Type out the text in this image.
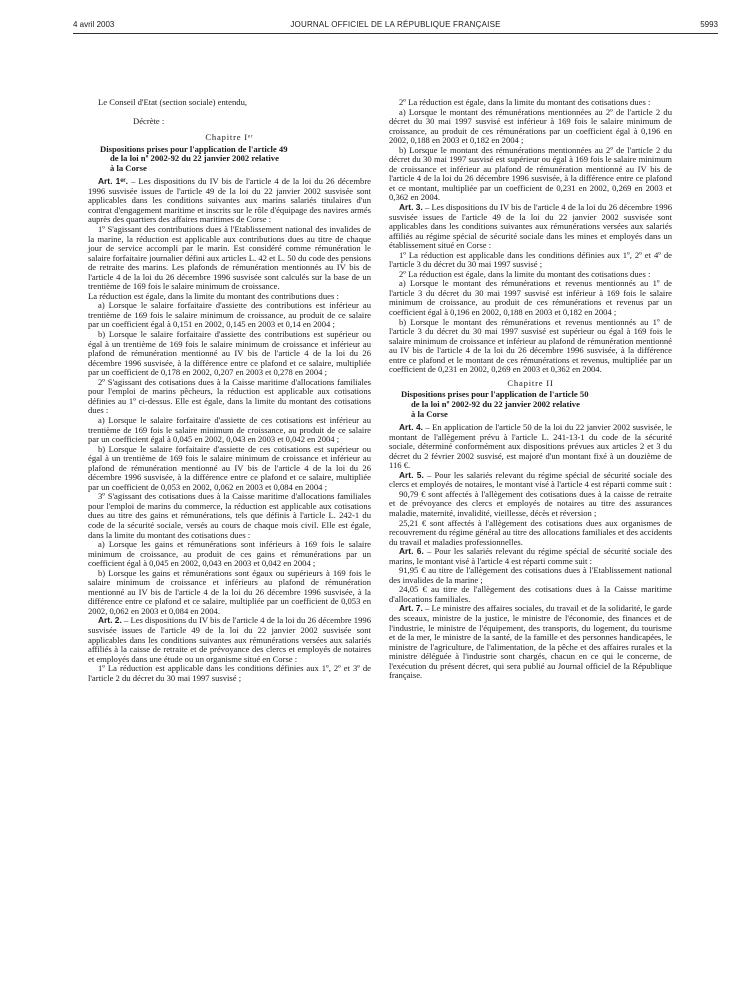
4 avril 2003	JOURNAL OFFICIEL DE LA RÉPUBLIQUE FRANÇAISE	5993

Le Conseil d'Etat (section sociale) entendu,

Décrète :

Chapitre Iᵉʳ

Dispositions prises pour l'application de l'article 49
de la loi nº 2002-92 du 22 janvier 2002 relative
à la Corse

Art. 1ᵉʳ. – Les dispositions du IV bis de l'article 4 de la loi du 26 décembre 1996 susvisée issues de l'article 49 de la loi du 22 janvier 2002 susvisée sont applicables dans les conditions suivantes aux marins salariés titulaires d'un contrat d'engagement maritime et inscrits sur le rôle d'équipage des navires armés auprès des quartiers des affaires maritimes de Corse :

1º S'agissant des contributions dues à l'Etablissement national des invalides de la marine, la réduction est applicable aux contributions dues au titre de chaque jour de service accompli par le marin. Est considéré comme rémunération le salaire forfaitaire journalier défini aux articles L. 42 et L. 50 du code des pensions de retraite des marins. Les plafonds de rémunération mentionnés au IV bis de l'article 4 de la loi du 26 décembre 1996 susvisée sont calculés sur la base de un trentième de 169 fois le salaire minimum de croissance.

La réduction est égale, dans la limite du montant des contributions dues :

a) Lorsque le salaire forfaitaire d'assiette des contributions est inférieur au trentième de 169 fois le salaire minimum de croissance, au produit de ce salaire par un coefficient égal à 0,151 en 2002, 0,145 en 2003 et 0,14 en 2004 ;

b) Lorsque le salaire forfaitaire d'assiette des contributions est supérieur ou égal à un trentième de 169 fois le salaire minimum de croissance et inférieur au plafond de rémunération mentionné au IV bis de l'article 4 de la loi du 26 décembre 1996 susvisée, à la différence entre ce plafond et ce salaire, multipliée par un coefficient de 0,178 en 2002, 0,207 en 2003 et 0,278 en 2004 ;

2º S'agissant des cotisations dues à la Caisse maritime d'allocations familiales pour l'emploi de marins pêcheurs, la réduction est applicable aux cotisations définies au 1º ci-dessus. Elle est égale, dans la limite du montant des cotisations dues :

a) Lorsque le salaire forfaitaire d'assiette de ces cotisations est inférieur au trentième de 169 fois le salaire minimum de croissance, au produit de ce salaire par un coefficient égal à 0,045 en 2002, 0,043 en 2003 et 0,042 en 2004 ;

b) Lorsque le salaire forfaitaire d'assiette de ces cotisations est supérieur ou égal à un trentième de 169 fois le salaire minimum de croissance et inférieur au plafond de rémunération mentionné au IV bis de l'article 4 de la loi du 26 décembre 1996 susvisée, à la différence entre ce plafond et ce salaire, multipliée par un coefficient de 0,053 en 2002, 0,062 en 2003 et 0,084 en 2004 ;

3º S'agissant des cotisations dues à la Caisse maritime d'allocations familiales pour l'emploi de marins du commerce, la réduction est applicable aux cotisations dues au titre des gains et rémunérations, tels que définis à l'article L. 242-1 du code de la sécurité sociale, versés au cours de chaque mois civil. Elle est égale, dans la limite du montant des cotisations dues :

a) Lorsque les gains et rémunérations sont inférieurs à 169 fois le salaire minimum de croissance, au produit de ces gains et rémunérations par un coefficient égal à 0,045 en 2002, 0,043 en 2003 et 0,042 en 2004 ;

b) Lorsque les gains et rémunérations sont égaux ou supérieurs à 169 fois le salaire minimum de croissance et inférieurs au plafond de rémunération mentionné au IV bis de l'article 4 de la loi du 26 décembre 1996 susvisée, à la différence entre ce plafond et ce salaire, multipliée par un coefficient de 0,053 en 2002, 0,062 en 2003 et 0,084 en 2004.

Art. 2. – Les dispositions du IV bis de l'article 4 de la loi du 26 décembre 1996 susvisée issues de l'article 49 de la loi du 22 janvier 2002 susvisée sont applicables dans les conditions suivantes aux rémunérations versées aux salariés affiliés à la caisse de retraite et de prévoyance des clercs et employés de notaires et employés dans une étude ou un organisme situé en Corse :

1º La réduction est applicable dans les conditions définies aux 1º, 2º et 3º de l'article 2 du décret du 30 mai 1997 susvisé ;

2º La réduction est égale, dans la limite du montant des cotisations dues :

a) Lorsque le montant des rémunérations mentionnées au 2º de l'article 2 du décret du 30 mai 1997 susvisé est inférieur à 169 fois le salaire minimum de croissance, au produit de ces rémunérations par un coefficient égal à 0,196 en 2002, 0,188 en 2003 et 0,182 en 2004 ;

b) Lorsque le montant des rémunérations mentionnées au 2º de l'article 2 du décret du 30 mai 1997 susvisé est supérieur ou égal à 169 fois le salaire minimum de croissance et inférieur au plafond de rémunération mentionné au IV bis de l'article 4 de la loi du 26 décembre 1996 susvisée, à la différence entre ce plafond et ce montant, multipliée par un coefficient de 0,231 en 2002, 0,269 en 2003 et 0,362 en 2004.

Art. 3. – Les dispositions du IV bis de l'article 4 de la loi du 26 décembre 1996 susvisée issues de l'article 49 de la loi du 22 janvier 2002 susvisée sont applicables dans les conditions suivantes aux rémunérations versées aux salariés affiliés au régime spécial de sécurité sociale dans les mines et employés dans un établissement situé en Corse :

1º La réduction est applicable dans les conditions définies aux 1º, 2º et 4º de l'article 3 du décret du 30 mai 1997 susvisé ;

2º La réduction est égale, dans la limite du montant des cotisations dues :

a) Lorsque le montant des rémunérations et revenus mentionnés au 1º de l'article 3 du décret du 30 mai 1997 susvisé est inférieur à 169 fois le salaire minimum de croissance, au produit de ces rémunérations et revenus par un coefficient égal à 0,196 en 2002, 0,188 en 2003 et 0,182 en 2004 ;

b) Lorsque le montant des rémunérations et revenus mentionnés au 1º de l'article 3 du décret du 30 mai 1997 susvisé est supérieur ou égal à 169 fois le salaire minimum de croissance et inférieur au plafond de rémunération mentionné au IV bis de l'article 4 de la loi du 26 décembre 1996 susvisée, à la différence entre ce plafond et le montant de ces rémunérations et revenus, multipliée par un coefficient de 0,231 en 2002, 0,269 en 2003 et 0,362 en 2004.

Chapitre II

Dispositions prises pour l'application de l'article 50
de la loi nº 2002-92 du 22 janvier 2002 relative
à la Corse

Art. 4. – En application de l'article 50 de la loi du 22 janvier 2002 susvisée, le montant de l'allègement prévu à l'article L. 241-13-1 du code de la sécurité sociale, déterminé conformément aux dispositions prévues aux articles 2 et 3 du décret du 2 février 2002 susvisé, est majoré d'un montant fixé à un douzième de 116 €.

Art. 5. – Pour les salariés relevant du régime spécial de sécurité sociale des clercs et employés de notaires, le montant visé à l'article 4 est réparti comme suit :

90,79 € sont affectés à l'allègement des cotisations dues à la caisse de retraite et de prévoyance des clercs et employés de notaires au titre des assurances maladie, maternité, invalidité, vieillesse, décès et réversion ;

25,21 € sont affectés à l'allègement des cotisations dues aux organismes de recouvrement du régime général au titre des allocations familiales et des accidents du travail et maladies professionnelles.

Art. 6. – Pour les salariés relevant du régime spécial de sécurité sociale des marins, le montant visé à l'article 4 est réparti comme suit :

91,95 € au titre de l'allègement des cotisations dues à l'Etablissement national des invalides de la marine ;

24,05 € au titre de l'allègement des cotisations dues à la Caisse maritime d'allocations familiales.

Art. 7. – Le ministre des affaires sociales, du travail et de la solidarité, le garde des sceaux, ministre de la justice, le ministre de l'économie, des finances et de l'industrie, le ministre de l'équipement, des transports, du logement, du tourisme et de la mer, le ministre de la santé, de la famille et des personnes handicapées, le ministre de l'agriculture, de l'alimentation, de la pêche et des affaires rurales et la ministre déléguée à l'industrie sont chargés, chacun en ce qui le concerne, de l'exécution du présent décret, qui sera publié au Journal officiel de la République française.
